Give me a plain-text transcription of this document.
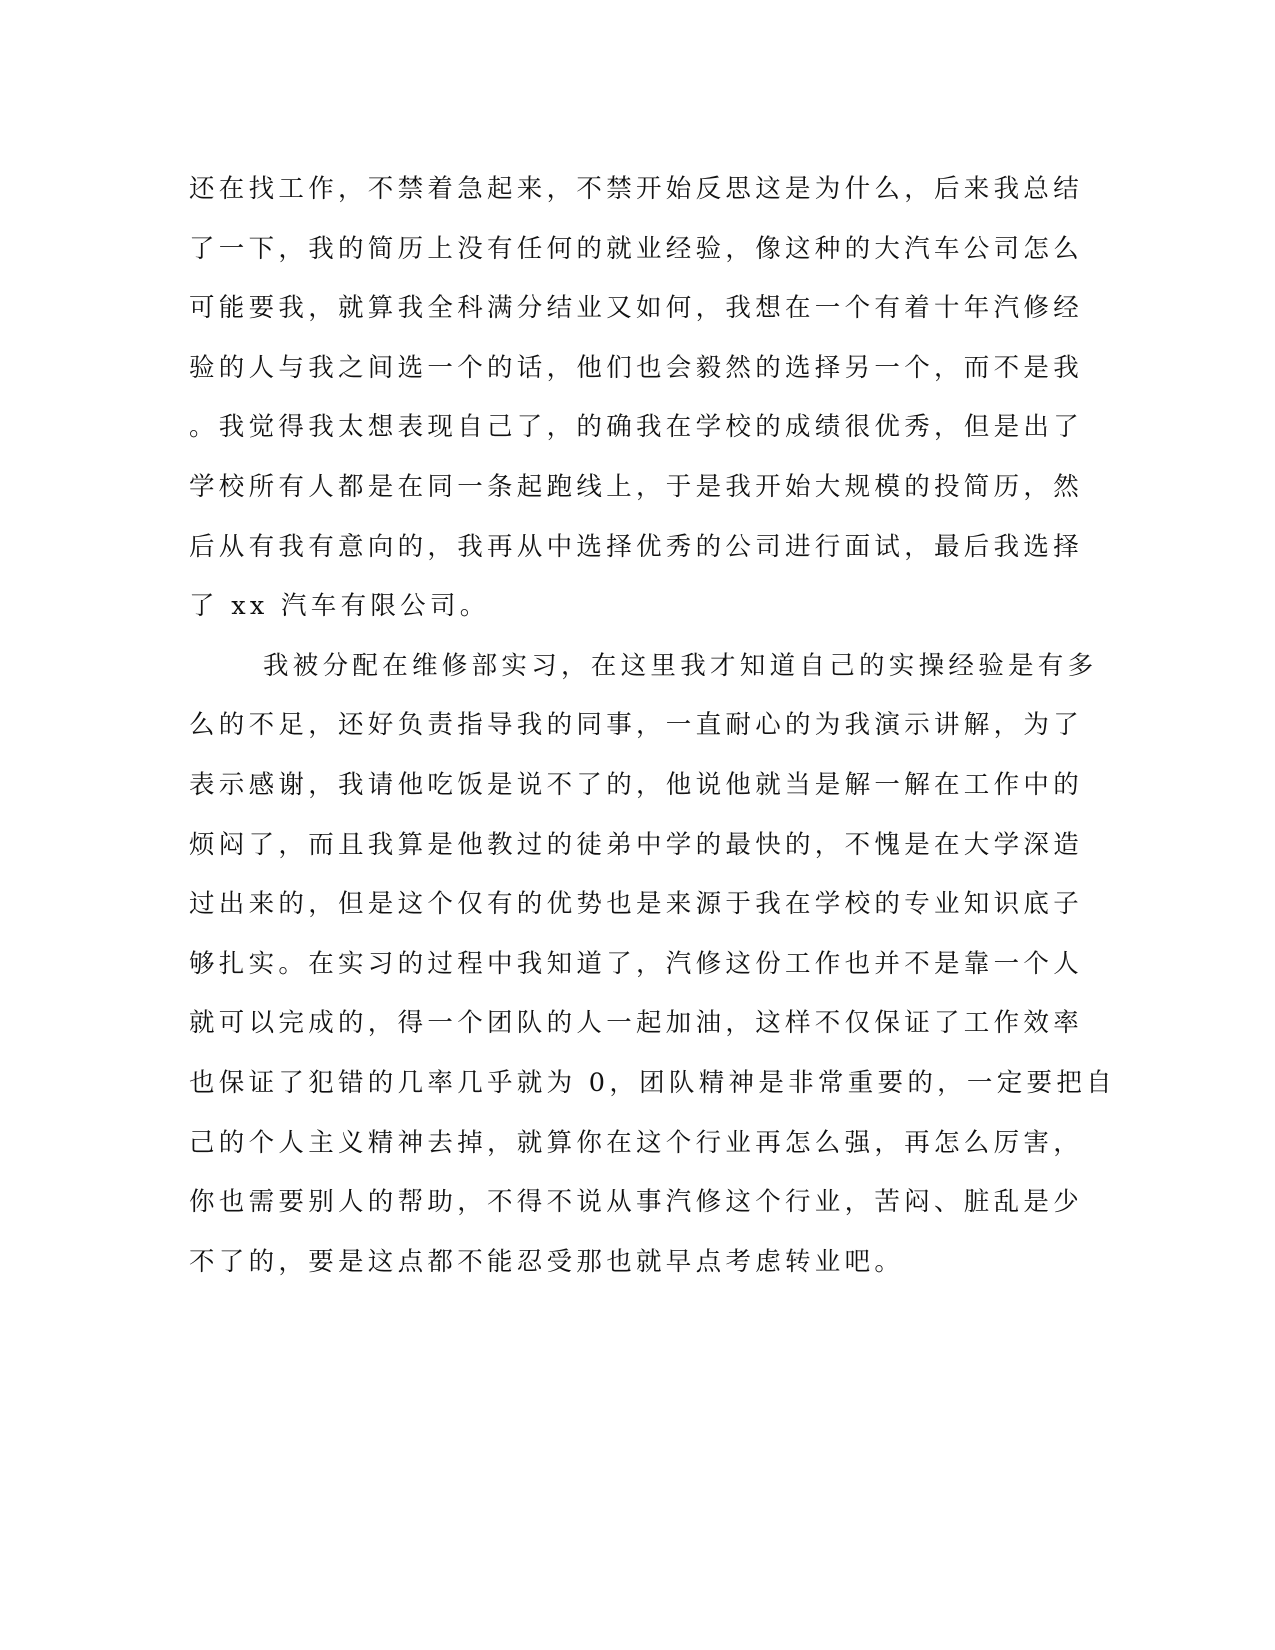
还在找工作，不禁着急起来，不禁开始反思这是为什么，后来我总结
了一下，我的简历上没有任何的就业经验，像这种的大汽车公司怎么
可能要我，就算我全科满分结业又如何，我想在一个有着十年汽修经
验的人与我之间选一个的话，他们也会毅然的选择另一个，而不是我
。我觉得我太想表现自己了，的确我在学校的成绩很优秀，但是出了
学校所有人都是在同一条起跑线上，于是我开始大规模的投简历，然
后从有我有意向的，我再从中选择优秀的公司进行面试，最后我选择
了 xx 汽车有限公司。
我被分配在维修部实习，在这里我才知道自己的实操经验是有多
么的不足，还好负责指导我的同事，一直耐心的为我演示讲解，为了
表示感谢，我请他吃饭是说不了的，他说他就当是解一解在工作中的
烦闷了，而且我算是他教过的徒弟中学的最快的，不愧是在大学深造
过出来的，但是这个仅有的优势也是来源于我在学校的专业知识底子
够扎实。在实习的过程中我知道了，汽修这份工作也并不是靠一个人
就可以完成的，得一个团队的人一起加油，这样不仅保证了工作效率
也保证了犯错的几率几乎就为 0，团队精神是非常重要的，一定要把自
己的个人主义精神去掉，就算你在这个行业再怎么强，再怎么厉害，
你也需要别人的帮助，不得不说从事汽修这个行业，苦闷、脏乱是少
不了的，要是这点都不能忍受那也就早点考虑转业吧。
